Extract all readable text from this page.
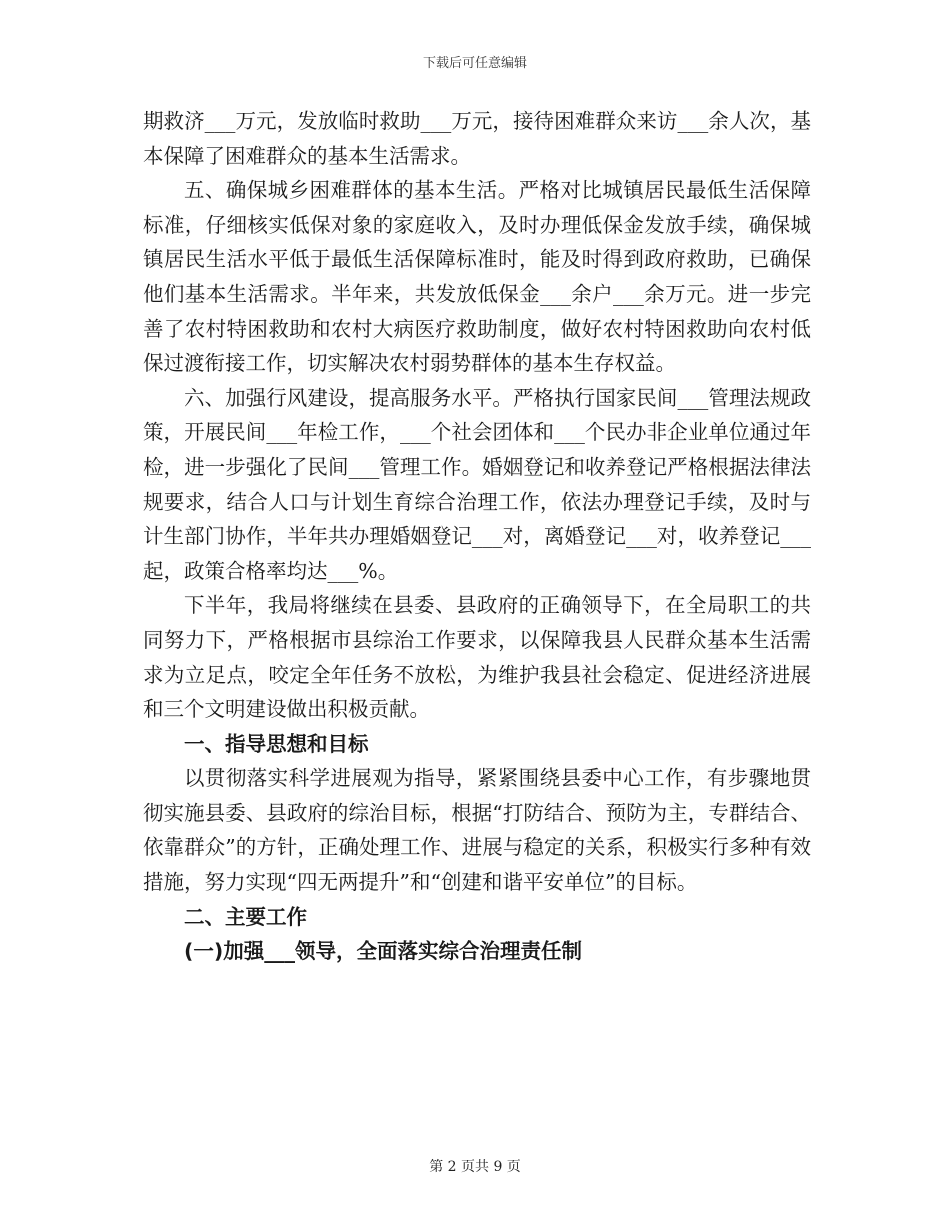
下载后可任意编辑

期救济___万元，发放临时救助___万元，接待困难群众来访___余人次，基本保障了困难群众的基本生活需求。

五、确保城乡困难群体的基本生活。严格对比城镇居民最低生活保障标准，仔细核实低保对象的家庭收入，及时办理低保金发放手续，确保城镇居民生活水平低于最低生活保障标准时，能及时得到政府救助，已确保他们基本生活需求。半年来，共发放低保金___余户___余万元。进一步完善了农村特困救助和农村大病医疗救助制度，做好农村特困救助向农村低保过渡衔接工作，切实解决农村弱势群体的基本生存权益。

六、加强行风建设，提高服务水平。严格执行国家民间___管理法规政策，开展民间___年检工作，___个社会团体和___个民办非企业单位通过年检，进一步强化了民间___管理工作。婚姻登记和收养登记严格根据法律法规要求，结合人口与计划生育综合治理工作，依法办理登记手续，及时与计生部门协作，半年共办理婚姻登记___对，离婚登记___对，收养登记___起，政策合格率均达___%。

下半年，我局将继续在县委、县政府的正确领导下，在全局职工的共同努力下，严格根据市县综治工作要求，以保障我县人民群众基本生活需求为立足点，咬定全年任务不放松，为维护我县社会稳定、促进经济进展和三个文明建设做出积极贡献。

一、指导思想和目标

以贯彻落实科学进展观为指导，紧紧围绕县委中心工作，有步骤地贯彻实施县委、县政府的综治目标，根据“打防结合、预防为主，专群结合、依靠群众”的方针，正确处理工作、进展与稳定的关系，积极实行多种有效措施，努力实现“四无两提升”和“创建和谐平安单位”的目标。

二、主要工作

(一)加强___领导，全面落实综合治理责任制

第 2 页共 9 页
